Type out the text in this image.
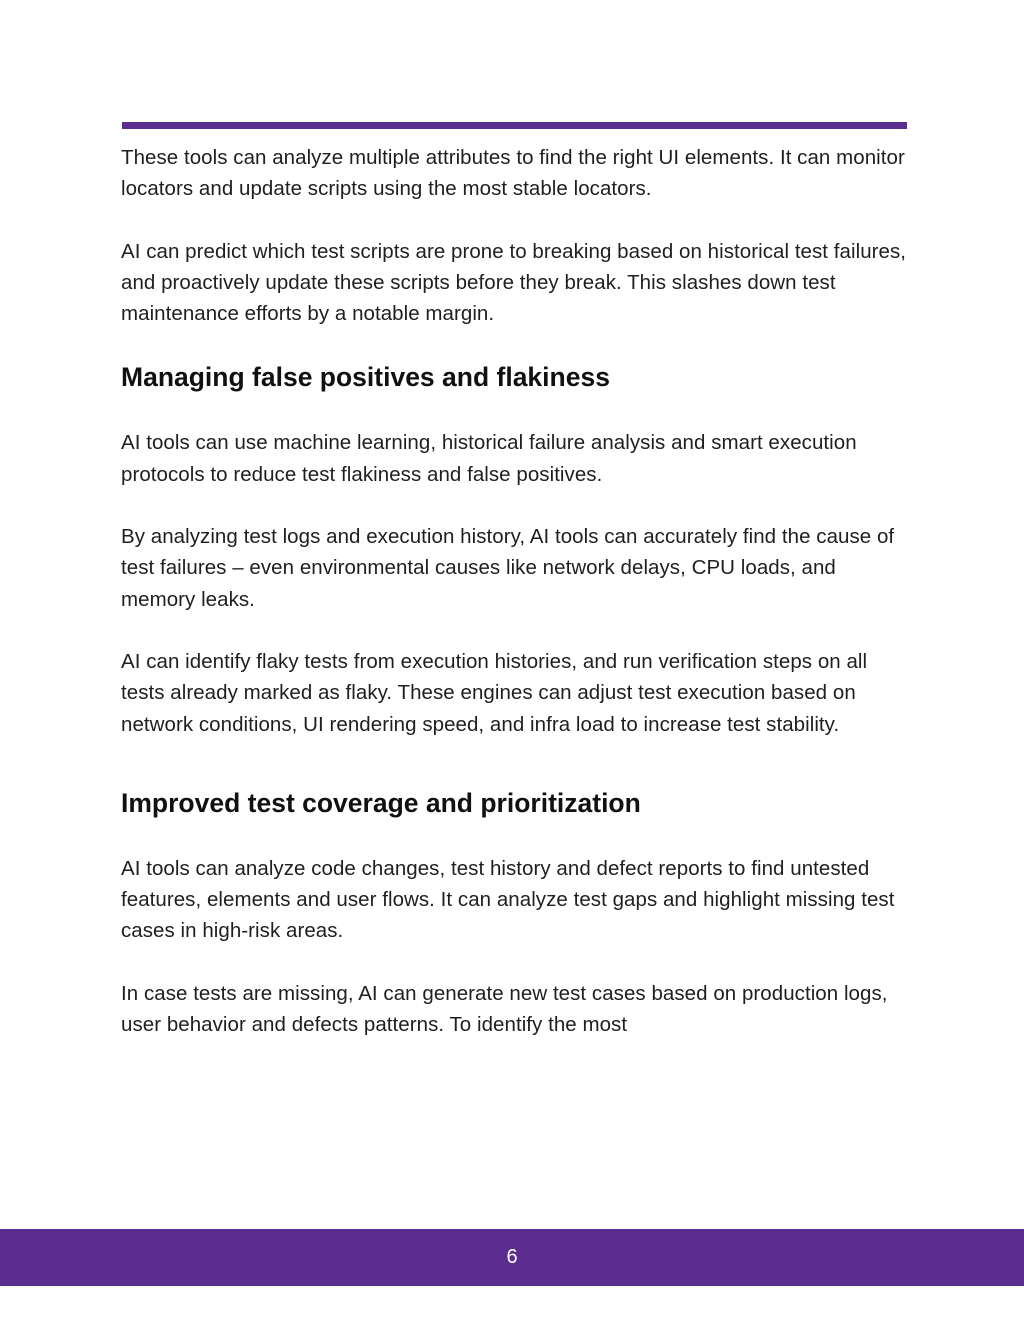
These tools can analyze multiple attributes to find the right UI elements. It can monitor locators and update scripts using the most stable locators.

AI can predict which test scripts are prone to breaking based on historical test failures, and proactively update these scripts before they break. This slashes down test maintenance efforts by a notable margin.

Managing false positives and flakiness

AI tools can use machine learning, historical failure analysis and smart execution protocols to reduce test flakiness and false positives.

By analyzing test logs and execution history, AI tools can accurately find the cause of test failures – even environmental causes like network delays, CPU loads, and memory leaks.

AI can identify flaky tests from execution histories, and run verification steps on all tests already marked as flaky. These engines can adjust test execution based on network conditions, UI rendering speed, and infra load to increase test stability.

Improved test coverage and prioritization

AI tools can analyze code changes, test history and defect reports to find untested features, elements and user flows. It can analyze test gaps and highlight missing test cases in high-risk areas.

In case tests are missing, AI can generate new test cases based on production logs, user behavior and defects patterns. To identify the most

6
